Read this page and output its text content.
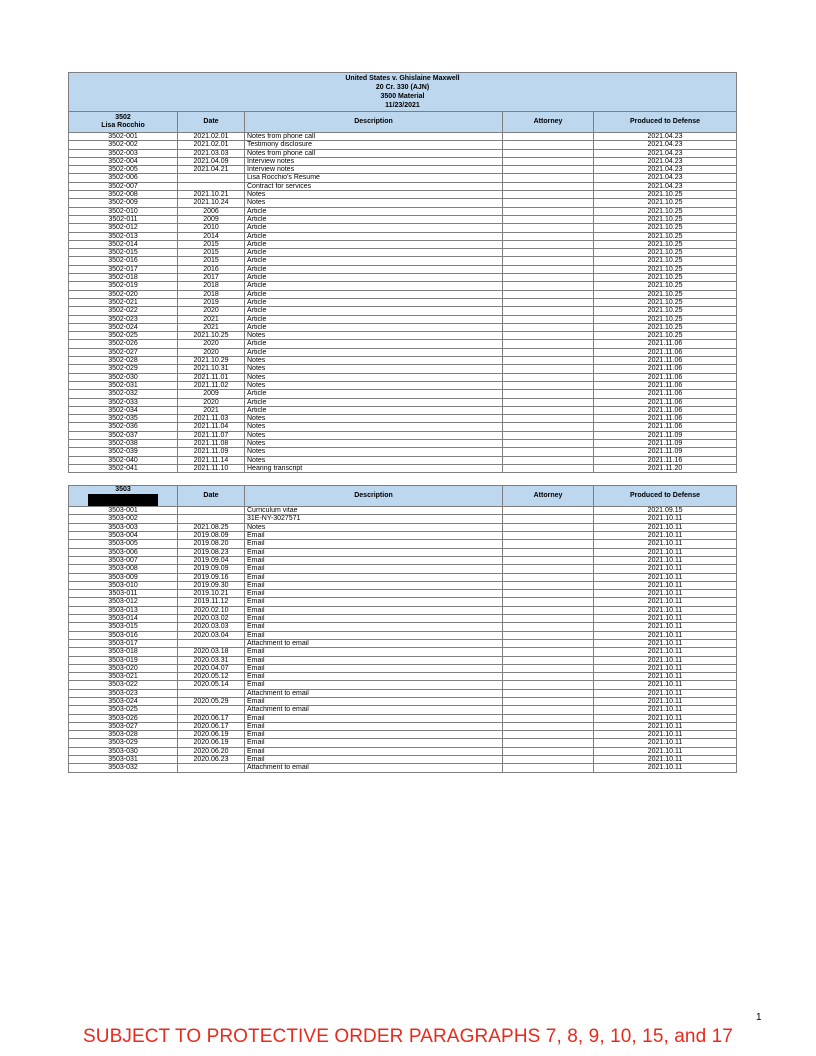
United States v. Ghislaine Maxwell
20 Cr. 330 (AJN)
3500 Material
11/23/2021				

3502
Lisa Rocchio	Date	Description	Attorney	Produced to Defense
3502-001	2021.02.01	Notes from phone call		2021.04.23
3502-002	2021.02.01	Testimony disclosure		2021.04.23
3502-003	2021.03.03	Notes from phone call		2021.04.23
3502-004	2021.04.09	Interview notes		2021.04.23
3502-005	2021.04.21	Interview notes		2021.04.23
3502-006		Lisa Rocchio's Resume		2021.04.23
3502-007		Contract for services		2021.04.23
3502-008	2021.10.21	Notes		2021.10.25
3502-009	2021.10.24	Notes		2021.10.25
3502-010	2006	Article		2021.10.25
3502-011	2009	Article		2021.10.25
3502-012	2010	Article		2021.10.25
3502-013	2014	Article		2021.10.25
3502-014	2015	Article		2021.10.25
3502-015	2015	Article		2021.10.25
3502-016	2015	Article		2021.10.25
3502-017	2016	Article		2021.10.25
3502-018	2017	Article		2021.10.25
3502-019	2018	Article		2021.10.25
3502-020	2018	Article		2021.10.25
3502-021	2019	Article		2021.10.25
3502-022	2020	Article		2021.10.25
3502-023	2021	Article		2021.10.25
3502-024	2021	Article		2021.10.25
3502-025	2021.10.25	Notes		2021.10.25
3502-026	2020	Article		2021.11.06
3502-027	2020	Article		2021.11.06
3502-028	2021.10.29	Notes		2021.11.06
3502-029	2021.10.31	Notes		2021.11.06
3502-030	2021.11.01	Notes		2021.11.06
3502-031	2021.11.02	Notes		2021.11.06
3502-032	2009	Article		2021.11.06
3502-033	2020	Article		2021.11.06
3502-034	2021	Article		2021.11.06
3502-035	2021.11.03	Notes		2021.11.06
3502-036	2021.11.04	Notes		2021.11.06
3502-037	2021.11.07	Notes		2021.11.09
3502-038	2021.11.08	Notes		2021.11.09
3502-039	2021.11.09	Notes		2021.11.09
3502-040	2021.11.14	Notes		2021.11.16
3502-041	2021.11.10	Hearing transcript		2021.11.20
3503	Date	Description	Attorney	Produced to Defense
3503-001		Curriculum vitae		2021.09.15
3503-002		31E-NY-3027571		2021.10.11
3503-003	2021.08.25	Notes		2021.10.11
3503-004	2019.08.09	Email		2021.10.11
3503-005	2019.08.20	Email		2021.10.11
3503-006	2019.08.23	Email		2021.10.11
3503-007	2019.09.04	Email		2021.10.11
3503-008	2019.09.09	Email		2021.10.11
3503-009	2019.09.16	Email		2021.10.11
3503-010	2019.09.30	Email		2021.10.11
3503-011	2019.10.21	Email		2021.10.11
3503-012	2019.11.12	Email		2021.10.11
3503-013	2020.02.10	Email		2021.10.11
3503-014	2020.03.02	Email		2021.10.11
3503-015	2020.03.03	Email		2021.10.11
3503-016	2020.03.04	Email		2021.10.11
3503-017		Attachment to email		2021.10.11
3503-018	2020.03.18	Email		2021.10.11
3503-019	2020.03.31	Email		2021.10.11
3503-020	2020.04.07	Email		2021.10.11
3503-021	2020.05.12	Email		2021.10.11
3503-022	2020.05.14	Email		2021.10.11
3503-023		Attachment to email		2021.10.11
3503-024	2020.05.29	Email		2021.10.11
3503-025		Attachment to email		2021.10.11
3503-026	2020.06.17	Email		2021.10.11
3503-027	2020.06.17	Email		2021.10.11
3503-028	2020.06.19	Email		2021.10.11
3503-029	2020.06.19	Email		2021.10.11
3503-030	2020.06.20	Email		2021.10.11
3503-031	2020.06.23	Email		2021.10.11
3503-032		Attachment to email		2021.10.11
1
SUBJECT TO PROTECTIVE ORDER PARAGRAPHS 7, 8, 9, 10, 15, and 17
